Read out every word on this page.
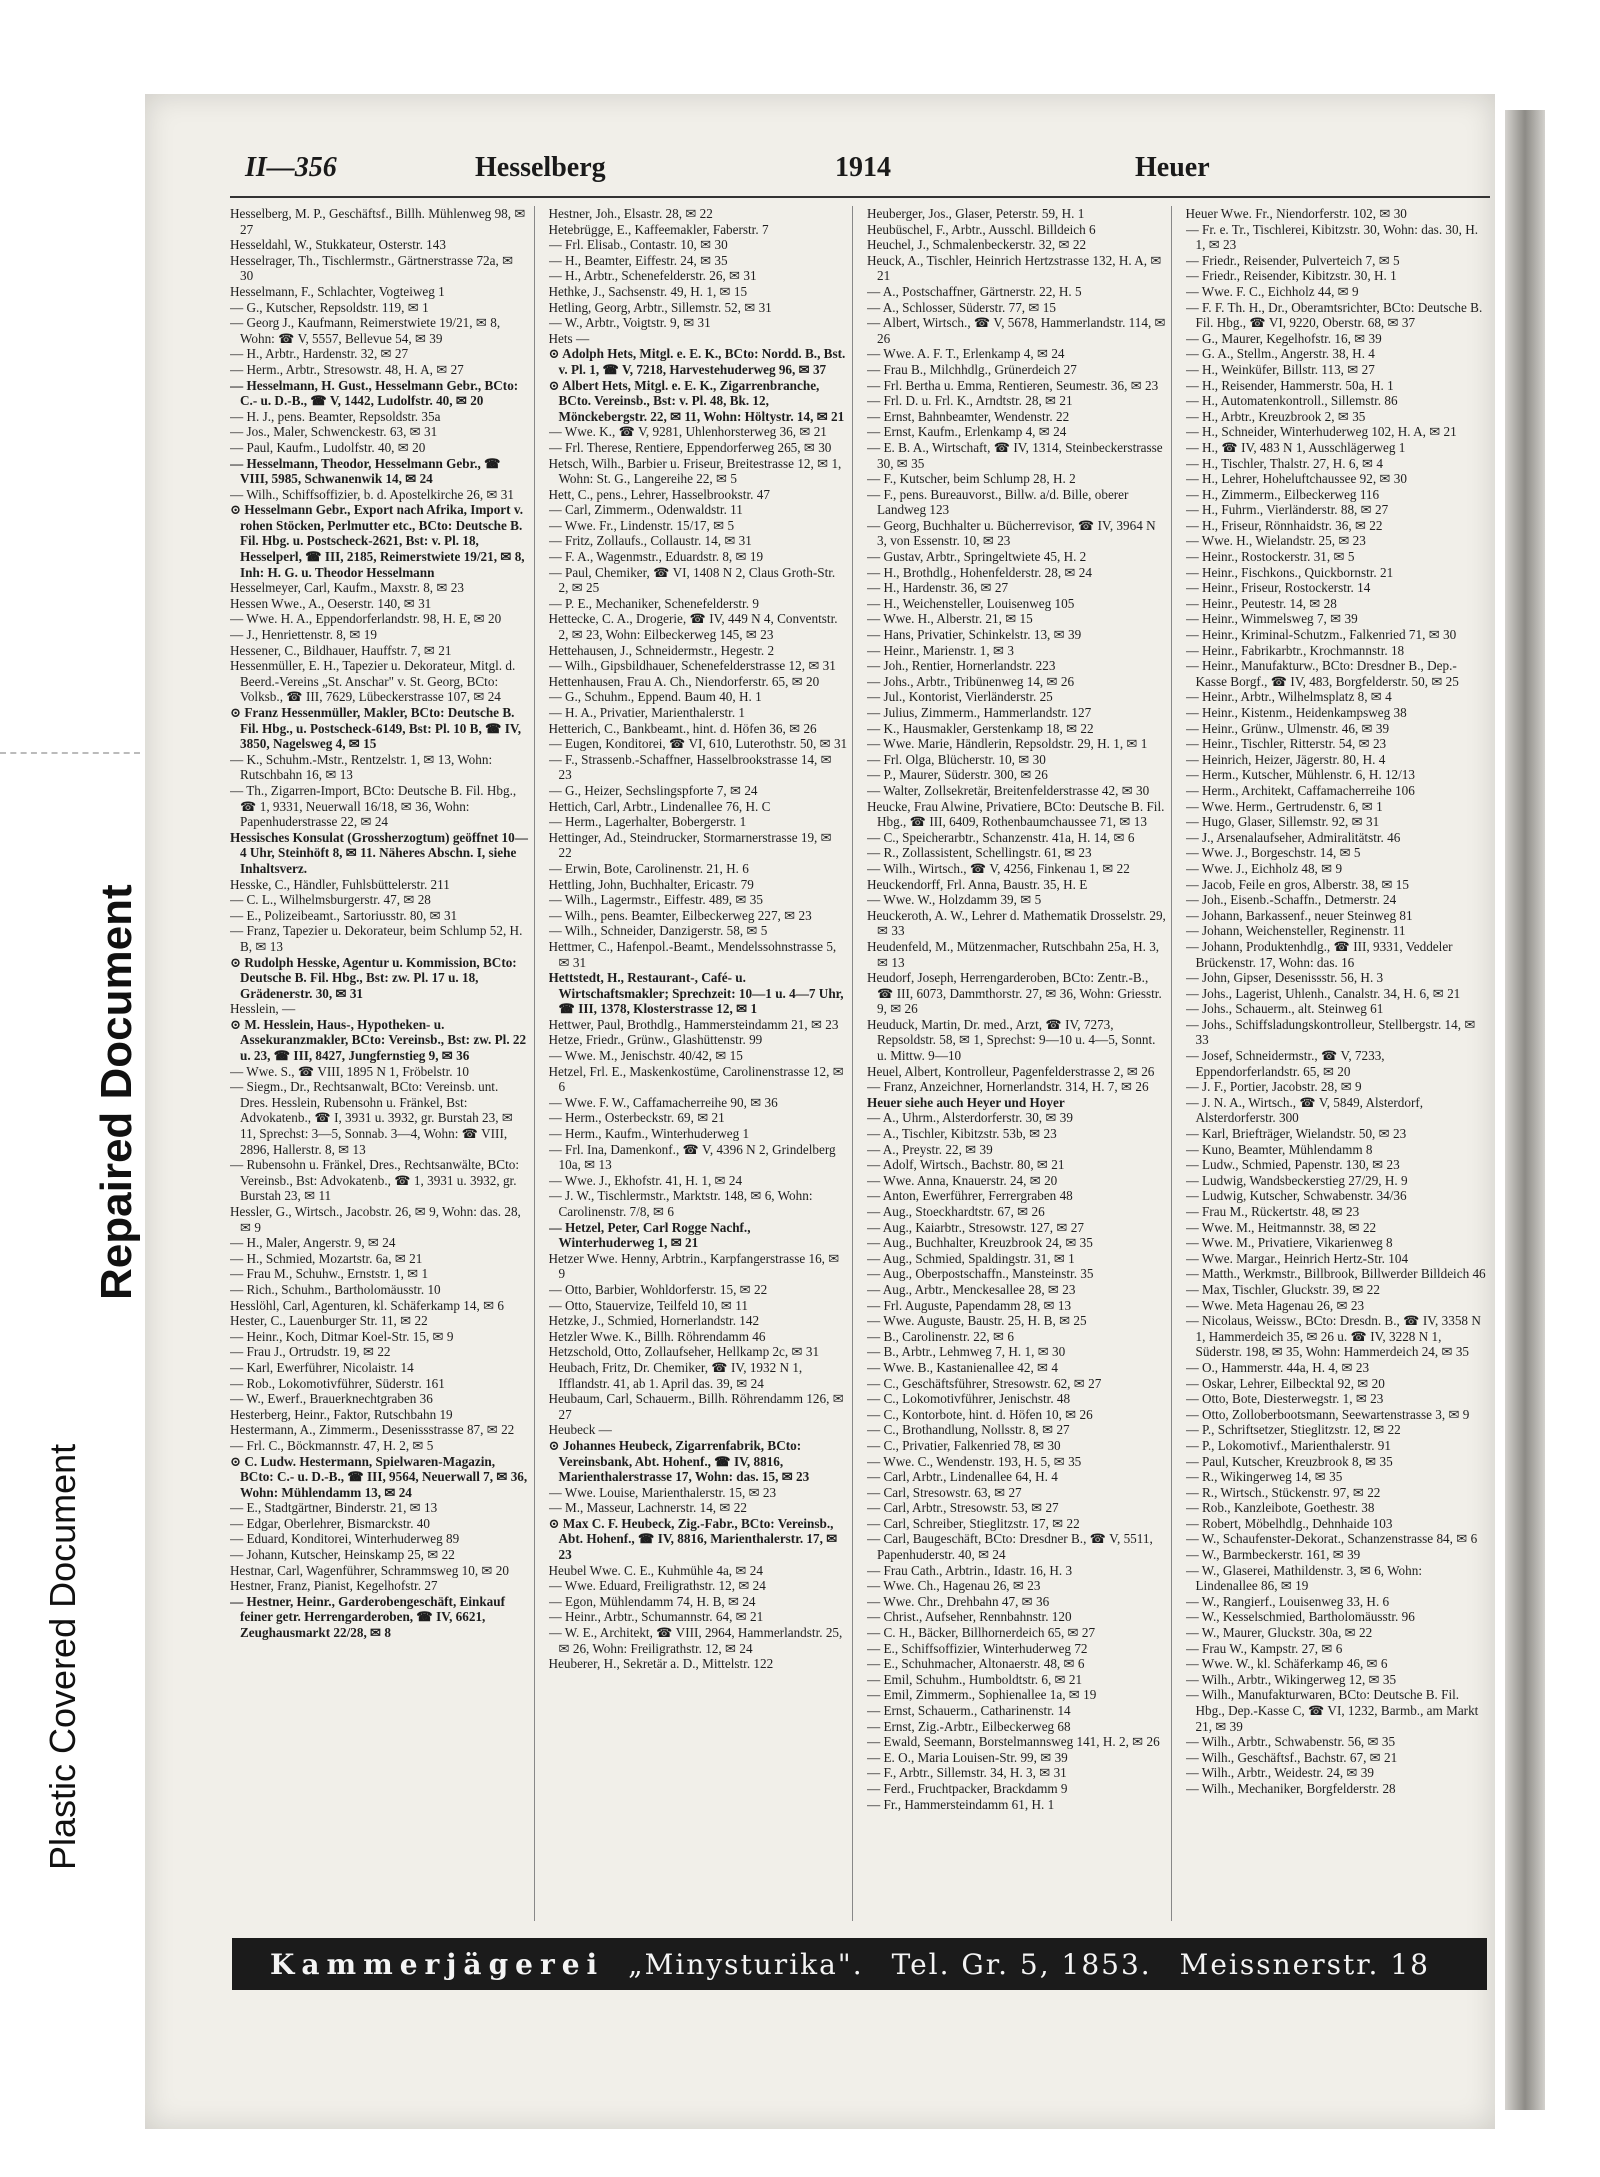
Repaired Document
Plastic Covered Document
II—356	Hesselberg	1914	Heuer

Hesselberg, M. P., Geschäftsf., Billh. Mühlenweg 98, ✉ 27

Hesseldahl, W., Stukkateur, Osterstr. 143

Hesselrager, Th., Tischlermstr., Gärtnerstrasse 72a, ✉ 30

Hesselmann, F., Schlachter, Vogteiweg 1

— G., Kutscher, Repsoldstr. 119, ✉ 1

— Georg J., Kaufmann, Reimerstwiete 19/21, ✉ 8, Wohn: ☎ V, 5557, Bellevue 54, ✉ 39

— H., Arbtr., Hardenstr. 32, ✉ 27

— Herm., Arbtr., Stresowstr. 48, H. A, ✉ 27

— Hesselmann, H. Gust., Hesselmann Gebr., BCto: C.- u. D.-B., ☎ V, 1442, Ludolfstr. 40, ✉ 20

— H. J., pens. Beamter, Repsoldstr. 35a

— Jos., Maler, Schwenckestr. 63, ✉ 31

— Paul, Kaufm., Ludolfstr. 40, ✉ 20

— Hesselmann, Theodor, Hesselmann Gebr., ☎ VIII, 5985, Schwanenwik 14, ✉ 24

— Wilh., Schiffsoffizier, b. d. Apostelkirche 26, ✉ 31

⊙ Hesselmann Gebr., Export nach Afrika, Import v. rohen Stöcken, Perlmutter etc., BCto: Deutsche B. Fil. Hbg. u. Postscheck-2621, Bst: v. Pl. 18, Hesselperl, ☎ III, 2185, Reimerstwiete 19/21, ✉ 8, Inh: H. G. u. Theodor Hesselmann

Hesselmeyer, Carl, Kaufm., Maxstr. 8, ✉ 23

Hessen Wwe., A., Oeserstr. 140, ✉ 31

— Wwe. H. A., Eppendorferlandstr. 98, H. E, ✉ 20

— J., Henriettenstr. 8, ✉ 19

Hessener, C., Bildhauer, Hauffstr. 7, ✉ 21

Hessenmüller, E. H., Tapezier u. Dekorateur, Mitgl. d. Beerd.-Vereins „St. Anschar" v. St. Georg, BCto: Volksb., ☎ III, 7629, Lübeckerstrasse 107, ✉ 24

⊙ Franz Hessenmüller, Makler, BCto: Deutsche B. Fil. Hbg., u. Postscheck-6149, Bst: Pl. 10 B, ☎ IV, 3850, Nagelsweg 4, ✉ 15

— K., Schuhm.-Mstr., Rentzelstr. 1, ✉ 13, Wohn: Rutschbahn 16, ✉ 13

— Th., Zigarren-Import, BCto: Deutsche B. Fil. Hbg., ☎ 1, 9331, Neuerwall 16/18, ✉ 36, Wohn: Papenhuderstrasse 22, ✉ 24

Hessisches Konsulat (Grossherzogtum) geöffnet 10—4 Uhr, Steinhöft 8, ✉ 11. Näheres Abschn. I, siehe Inhaltsverz.

Hesske, C., Händler, Fuhlsbüttelerstr. 211

— C. L., Wilhelmsburgerstr. 47, ✉ 28

— E., Polizeibeamt., Sartoriusstr. 80, ✉ 31

— Franz, Tapezier u. Dekorateur, beim Schlump 52, H. B, ✉ 13

⊙ Rudolph Hesske, Agentur u. Kommission, BCto: Deutsche B. Fil. Hbg., Bst: zw. Pl. 17 u. 18, Grädenerstr. 30, ✉ 31

Hesslein, —

⊙ M. Hesslein, Haus-, Hypotheken- u. Assekuranzmakler, BCto: Vereinsb., Bst: zw. Pl. 22 u. 23, ☎ III, 8427, Jungfernstieg 9, ✉ 36

— Wwe. S., ☎ VIII, 1895 N 1, Fröbelstr. 10

— Siegm., Dr., Rechtsanwalt, BCto: Vereinsb. unt. Dres. Hesslein, Rubensohn u. Fränkel, Bst: Advokatenb., ☎ I, 3931 u. 3932, gr. Burstah 23, ✉ 11, Sprechst: 3—5, Sonnab. 3—4, Wohn: ☎ VIII, 2896, Hallerstr. 8, ✉ 13

— Rubensohn u. Fränkel, Dres., Rechtsanwälte, BCto: Vereinsb., Bst: Advokatenb., ☎ 1, 3931 u. 3932, gr. Burstah 23, ✉ 11

Hessler, G., Wirtsch., Jacobstr. 26, ✉ 9, Wohn: das. 28, ✉ 9

— H., Maler, Angerstr. 9, ✉ 24

— H., Schmied, Mozartstr. 6a, ✉ 21

— Frau M., Schuhw., Ernststr. 1, ✉ 1

— Rich., Schuhm., Bartholomäusstr. 10

Hesslöhl, Carl, Agenturen, kl. Schäferkamp 14, ✉ 6

Hester, C., Lauenburger Str. 11, ✉ 22

— Heinr., Koch, Ditmar Koel-Str. 15, ✉ 9

— Frau J., Ortrudstr. 19, ✉ 22

— Karl, Ewerführer, Nicolaistr. 14

— Rob., Lokomotivführer, Süderstr. 161

— W., Ewerf., Brauerknechtgraben 36

Hesterberg, Heinr., Faktor, Rutschbahn 19

Hestermann, A., Zimmerm., Desenissstrasse 87, ✉ 22

— Frl. C., Böckmannstr. 47, H. 2, ✉ 5

⊙ C. Ludw. Hestermann, Spielwaren-Magazin, BCto: C.- u. D.-B., ☎ III, 9564, Neuerwall 7, ✉ 36, Wohn: Mühlendamm 13, ✉ 24

— E., Stadtgärtner, Binderstr. 21, ✉ 13

— Edgar, Oberlehrer, Bismarckstr. 40

— Eduard, Konditorei, Winterhuderweg 89

— Johann, Kutscher, Heinskamp 25, ✉ 22

Hestnar, Carl, Wagenführer, Schrammsweg 10, ✉ 20

Hestner, Franz, Pianist, Kegelhofstr. 27

— Hestner, Heinr., Garderobengeschäft, Einkauf feiner getr. Herrengarderoben, ☎ IV, 6621, Zeughausmarkt 22/28, ✉ 8

Hestner, Joh., Elsastr. 28, ✉ 22

Hetebrügge, E., Kaffeemakler, Faberstr. 7

— Frl. Elisab., Contastr. 10, ✉ 30

— H., Beamter, Eiffestr. 24, ✉ 35

— H., Arbtr., Schenefelderstr. 26, ✉ 31

Hethke, J., Sachsenstr. 49, H. 1, ✉ 15

Hetling, Georg, Arbtr., Sillemstr. 52, ✉ 31

— W., Arbtr., Voigtstr. 9, ✉ 31

Hets —

⊙ Adolph Hets, Mitgl. e. E. K., BCto: Nordd. B., Bst. v. Pl. 1, ☎ V, 7218, Harvestehuderweg 96, ✉ 37

⊙ Albert Hets, Mitgl. e. E. K., Zigarrenbranche, BCto. Vereinsb., Bst: v. Pl. 48, Bk. 12, Mönckebergstr. 22, ✉ 11, Wohn: Höltystr. 14, ✉ 21

— Wwe. K., ☎ V, 9281, Uhlenhorsterweg 36, ✉ 21

— Frl. Therese, Rentiere, Eppendorferweg 265, ✉ 30

Hetsch, Wilh., Barbier u. Friseur, Breitestrasse 12, ✉ 1, Wohn: St. G., Langereihe 22, ✉ 5

Hett, C., pens., Lehrer, Hasselbrookstr. 47

— Carl, Zimmerm., Odenwaldstr. 11

— Wwe. Fr., Lindenstr. 15/17, ✉ 5

— Fritz, Zollaufs., Collaustr. 14, ✉ 31

— F. A., Wagenmstr., Eduardstr. 8, ✉ 19

— Paul, Chemiker, ☎ VI, 1408 N 2, Claus Groth-Str. 2, ✉ 25

— P. E., Mechaniker, Schenefelderstr. 9

Hettecke, C. A., Drogerie, ☎ IV, 449 N 4, Conventstr. 2, ✉ 23, Wohn: Eilbeckerweg 145, ✉ 23

Hettehausen, J., Schneidermstr., Hegestr. 2

— Wilh., Gipsbildhauer, Schenefelderstrasse 12, ✉ 31

Hettenhausen, Frau A. Ch., Niendorferstr. 65, ✉ 20

— G., Schuhm., Eppend. Baum 40, H. 1

— H. A., Privatier, Marienthalerstr. 1

Hetterich, C., Bankbeamt., hint. d. Höfen 36, ✉ 26

— Eugen, Konditorei, ☎ VI, 610, Luterothstr. 50, ✉ 31

— F., Strassenb.-Schaffner, Hasselbrookstrasse 14, ✉ 23

— G., Heizer, Sechslingspforte 7, ✉ 24

Hettich, Carl, Arbtr., Lindenallee 76, H. C

— Herm., Lagerhalter, Bobergerstr. 1

Hettinger, Ad., Steindrucker, Stormarnerstrasse 19, ✉ 22

— Erwin, Bote, Carolinenstr. 21, H. 6

Hettling, John, Buchhalter, Ericastr. 79

— Wilh., Lagermstr., Eiffestr. 489, ✉ 35

— Wilh., pens. Beamter, Eilbeckerweg 227, ✉ 23

— Wilh., Schneider, Danzigerstr. 58, ✉ 5

Hettmer, C., Hafenpol.-Beamt., Mendelssohnstrasse 5, ✉ 31

Hettstedt, H., Restaurant-, Café- u. Wirtschaftsmakler; Sprechzeit: 10—1 u. 4—7 Uhr, ☎ III, 1378, Klosterstrasse 12, ✉ 1

Hettwer, Paul, Brothdlg., Hammersteindamm 21, ✉ 23

Hetze, Friedr., Grünw., Glashüttenstr. 99

— Wwe. M., Jenischstr. 40/42, ✉ 15

Hetzel, Frl. E., Maskenkostüme, Carolinenstrasse 12, ✉ 6

— Wwe. F. W., Caffamacherreihe 90, ✉ 36

— Herm., Osterbeckstr. 69, ✉ 21

— Herm., Kaufm., Winterhuderweg 1

— Frl. Ina, Damenkonf., ☎ V, 4396 N 2, Grindelberg 10a, ✉ 13

— Wwe. J., Ekhofstr. 41, H. 1, ✉ 24

— J. W., Tischlermstr., Marktstr. 148, ✉ 6, Wohn: Carolinenstr. 7/8, ✉ 6

— Hetzel, Peter, Carl Rogge Nachf., Winterhuderweg 1, ✉ 21

Hetzer Wwe. Henny, Arbtrin., Karpfangerstrasse 16, ✉ 9

— Otto, Barbier, Wohldorferstr. 15, ✉ 22

— Otto, Stauervize, Teilfeld 10, ✉ 11

Hetzke, J., Schmied, Hornerlandstr. 142

Hetzler Wwe. K., Billh. Röhrendamm 46

Hetzschold, Otto, Zollaufseher, Hellkamp 2c, ✉ 31

Heubach, Fritz, Dr. Chemiker, ☎ IV, 1932 N 1, Ifflandstr. 41, ab 1. April das. 39, ✉ 24

Heubaum, Carl, Schauerm., Billh. Röhrendamm 126, ✉ 27

Heubeck —

⊙ Johannes Heubeck, Zigarrenfabrik, BCto: Vereinsbank, Abt. Hohenf., ☎ IV, 8816, Marienthalerstrasse 17, Wohn: das. 15, ✉ 23

— Wwe. Louise, Marienthalerstr. 15, ✉ 23

— M., Masseur, Lachnerstr. 14, ✉ 22

⊙ Max C. F. Heubeck, Zig.-Fabr., BCto: Vereinsb., Abt. Hohenf., ☎ IV, 8816, Marienthalerstr. 17, ✉ 23

Heubel Wwe. C. E., Kuhmühle 4a, ✉ 24

— Wwe. Eduard, Freiligrathstr. 12, ✉ 24

— Egon, Mühlendamm 74, H. B, ✉ 24

— Heinr., Arbtr., Schumannstr. 64, ✉ 21

— W. E., Architekt, ☎ VIII, 2964, Hammerlandstr. 25, ✉ 26, Wohn: Freiligrathstr. 12, ✉ 24

Heuberer, H., Sekretär a. D., Mittelstr. 122

Heuberger, Jos., Glaser, Peterstr. 59, H. 1

Heubüschel, F., Arbtr., Ausschl. Billdeich 6

Heuchel, J., Schmalenbeckerstr. 32, ✉ 22

Heuck, A., Tischler, Heinrich Hertzstrasse 132, H. A, ✉ 21

— A., Postschaffner, Gärtnerstr. 22, H. 5

— A., Schlosser, Süderstr. 77, ✉ 15

— Albert, Wirtsch., ☎ V, 5678, Hammerlandstr. 114, ✉ 26

— Wwe. A. F. T., Erlenkamp 4, ✉ 24

— Frau B., Milchhdlg., Grünerdeich 27

— Frl. Bertha u. Emma, Rentieren, Seumestr. 36, ✉ 23

— Frl. D. u. Frl. K., Arndtstr. 28, ✉ 21

— Ernst, Bahnbeamter, Wendenstr. 22

— Ernst, Kaufm., Erlenkamp 4, ✉ 24

— E. B. A., Wirtschaft, ☎ IV, 1314, Steinbeckerstrasse 30, ✉ 35

— F., Kutscher, beim Schlump 28, H. 2

— F., pens. Bureauvorst., Billw. a/d. Bille, oberer Landweg 123

— Georg, Buchhalter u. Bücherrevisor, ☎ IV, 3964 N 3, von Essenstr. 10, ✉ 23

— Gustav, Arbtr., Springeltwiete 45, H. 2

— H., Brothdlg., Hohenfelderstr. 28, ✉ 24

— H., Hardenstr. 36, ✉ 27

— H., Weichensteller, Louisenweg 105

— Wwe. H., Alberstr. 21, ✉ 15

— Hans, Privatier, Schinkelstr. 13, ✉ 39

— Heinr., Marienstr. 1, ✉ 3

— Joh., Rentier, Hornerlandstr. 223

— Johs., Arbtr., Tribünenweg 14, ✉ 26

— Jul., Kontorist, Vierländerstr. 25

— Julius, Zimmerm., Hammerlandstr. 127

— K., Hausmakler, Gerstenkamp 18, ✉ 22

— Wwe. Marie, Händlerin, Repsoldstr. 29, H. 1, ✉ 1

— Frl. Olga, Blücherstr. 10, ✉ 30

— P., Maurer, Süderstr. 300, ✉ 26

— Walter, Zollsekretär, Breitenfelderstrasse 42, ✉ 30

Heucke, Frau Alwine, Privatiere, BCto: Deutsche B. Fil. Hbg., ☎ III, 6409, Rothenbaumchaussee 71, ✉ 13

— C., Speicherarbtr., Schanzenstr. 41a, H. 14, ✉ 6

— R., Zollassistent, Schellingstr. 61, ✉ 23

— Wilh., Wirtsch., ☎ V, 4256, Finkenau 1, ✉ 22

Heuckendorff, Frl. Anna, Baustr. 35, H. E

— Wwe. W., Holzdamm 39, ✉ 5

Heuckeroth, A. W., Lehrer d. Mathematik Drosselstr. 29, ✉ 33

Heudenfeld, M., Mützenmacher, Rutschbahn 25a, H. 3, ✉ 13

Heudorf, Joseph, Herrengarderoben, BCto: Zentr.-B., ☎ III, 6073, Dammthorstr. 27, ✉ 36, Wohn: Griesstr. 9, ✉ 26

Heuduck, Martin, Dr. med., Arzt, ☎ IV, 7273, Repsoldstr. 58, ✉ 1, Sprechst: 9—10 u. 4—5, Sonnt. u. Mittw. 9—10

Heuel, Albert, Kontrolleur, Pagenfelderstrasse 2, ✉ 26

— Franz, Anzeichner, Hornerlandstr. 314, H. 7, ✉ 26

Heuer siehe auch Heyer und Hoyer

— A., Uhrm., Alsterdorferstr. 30, ✉ 39

— A., Tischler, Kibitzstr. 53b, ✉ 23

— A., Preystr. 22, ✉ 39

— Adolf, Wirtsch., Bachstr. 80, ✉ 21

— Wwe. Anna, Knauerstr. 24, ✉ 20

— Anton, Ewerführer, Ferrergraben 48

— Aug., Stoeckhardtstr. 67, ✉ 26

— Aug., Kaiarbtr., Stresowstr. 127, ✉ 27

— Aug., Buchhalter, Kreuzbrook 24, ✉ 35

— Aug., Schmied, Spaldingstr. 31, ✉ 1

— Aug., Oberpostschaffn., Mansteinstr. 35

— Aug., Arbtr., Menckesallee 28, ✉ 23

— Frl. Auguste, Papendamm 28, ✉ 13

— Wwe. Auguste, Baustr. 25, H. B, ✉ 25

— B., Carolinenstr. 22, ✉ 6

— B., Arbtr., Lehmweg 7, H. 1, ✉ 30

— Wwe. B., Kastanienallee 42, ✉ 4

— C., Geschäftsführer, Stresowstr. 62, ✉ 27

— C., Lokomotivführer, Jenischstr. 48

— C., Kontorbote, hint. d. Höfen 10, ✉ 26

— C., Brothandlung, Nollsstr. 8, ✉ 27

— C., Privatier, Falkenried 78, ✉ 30

— Wwe. C., Wendenstr. 193, H. 5, ✉ 35

— Carl, Arbtr., Lindenallee 64, H. 4

— Carl, Stresowstr. 63, ✉ 27

— Carl, Arbtr., Stresowstr. 53, ✉ 27

— Carl, Schreiber, Stieglitzstr. 17, ✉ 22

— Carl, Baugeschäft, BCto: Dresdner B., ☎ V, 5511, Papenhuderstr. 40, ✉ 24

— Frau Cath., Arbtrin., Idastr. 16, H. 3

— Wwe. Ch., Hagenau 26, ✉ 23

— Wwe. Chr., Drehbahn 47, ✉ 36

— Christ., Aufseher, Rennbahnstr. 120

— C. H., Bäcker, Billhornerdeich 65, ✉ 27

— E., Schiffsoffizier, Winterhuderweg 72

— E., Schuhmacher, Altonaerstr. 48, ✉ 6

— Emil, Schuhm., Humboldtstr. 6, ✉ 21

— Emil, Zimmerm., Sophienallee 1a, ✉ 19

— Ernst, Schauerm., Catharinenstr. 14

— Ernst, Zig.-Arbtr., Eilbeckerweg 68

— Ewald, Seemann, Borstelmannsweg 141, H. 2, ✉ 26

— E. O., Maria Louisen-Str. 99, ✉ 39

— F., Arbtr., Sillemstr. 34, H. 3, ✉ 31

— Ferd., Fruchtpacker, Brackdamm 9

— Fr., Hammersteindamm 61, H. 1

Heuer Wwe. Fr., Niendorferstr. 102, ✉ 30

— Fr. e. Tr., Tischlerei, Kibitzstr. 30, Wohn: das. 30, H. 1, ✉ 23

— Friedr., Reisender, Pulverteich 7, ✉ 5

— Friedr., Reisender, Kibitzstr. 30, H. 1

— Wwe. F. C., Eichholz 44, ✉ 9

— F. F. Th. H., Dr., Oberamtsrichter, BCto: Deutsche B. Fil. Hbg., ☎ VI, 9220, Oberstr. 68, ✉ 37

— G., Maurer, Kegelhofstr. 16, ✉ 39

— G. A., Stellm., Angerstr. 38, H. 4

— H., Weinküfer, Billstr. 113, ✉ 27

— H., Reisender, Hammerstr. 50a, H. 1

— H., Automatenkontroll., Sillemstr. 86

— H., Arbtr., Kreuzbrook 2, ✉ 35

— H., Schneider, Winterhuderweg 102, H. A, ✉ 21

— H., ☎ IV, 483 N 1, Ausschlägerweg 1

— H., Tischler, Thalstr. 27, H. 6, ✉ 4

— H., Lehrer, Hoheluftchaussee 92, ✉ 30

— H., Zimmerm., Eilbeckerweg 116

— H., Fuhrm., Vierländerstr. 88, ✉ 27

— H., Friseur, Rönnhaidstr. 36, ✉ 22

— Wwe. H., Wielandstr. 25, ✉ 23

— Heinr., Rostockerstr. 31, ✉ 5

— Heinr., Fischkons., Quickbornstr. 21

— Heinr., Friseur, Rostockerstr. 14

— Heinr., Peutestr. 14, ✉ 28

— Heinr., Wimmelsweg 7, ✉ 39

— Heinr., Kriminal-Schutzm., Falkenried 71, ✉ 30

— Heinr., Fabrikarbtr., Krochmannstr. 18

— Heinr., Manufakturw., BCto: Dresdner B., Dep.-Kasse Borgf., ☎ IV, 483, Borgfelderstr. 50, ✉ 25

— Heinr., Arbtr., Wilhelmsplatz 8, ✉ 4

— Heinr., Kistenm., Heidenkampsweg 38

— Heinr., Grünw., Ulmenstr. 46, ✉ 39

— Heinr., Tischler, Ritterstr. 54, ✉ 23

— Heinrich, Heizer, Jägerstr. 80, H. 4

— Herm., Kutscher, Mühlenstr. 6, H. 12/13

— Herm., Architekt, Caffamacherreihe 106

— Wwe. Herm., Gertrudenstr. 6, ✉ 1

— Hugo, Glaser, Sillemstr. 92, ✉ 31

— J., Arsenalaufseher, Admiralitätstr. 46

— Wwe. J., Borgeschstr. 14, ✉ 5

— Wwe. J., Eichholz 48, ✉ 9

— Jacob, Feile en gros, Alberstr. 38, ✉ 15

— Joh., Eisenb.-Schaffn., Detmerstr. 24

— Johann, Barkassenf., neuer Steinweg 81

— Johann, Weichensteller, Reginenstr. 11

— Johann, Produktenhdlg., ☎ III, 9331, Veddeler Brückenstr. 17, Wohn: das. 16

— John, Gipser, Desenissstr. 56, H. 3

— Johs., Lagerist, Uhlenh., Canalstr. 34, H. 6, ✉ 21

— Johs., Schauerm., alt. Steinweg 61

— Johs., Schiffsladungskontrolleur, Stellbergstr. 14, ✉ 33

— Josef, Schneidermstr., ☎ V, 7233, Eppendorferlandstr. 65, ✉ 20

— J. F., Portier, Jacobstr. 28, ✉ 9

— J. N. A., Wirtsch., ☎ V, 5849, Alsterdorf, Alsterdorferstr. 300

— Karl, Briefträger, Wielandstr. 50, ✉ 23

— Kuno, Beamter, Mühlendamm 8

— Ludw., Schmied, Papenstr. 130, ✉ 23

— Ludwig, Wandsbeckerstieg 27/29, H. 9

— Ludwig, Kutscher, Schwabenstr. 34/36

— Frau M., Rückertstr. 48, ✉ 23

— Wwe. M., Heitmannstr. 38, ✉ 22

— Wwe. M., Privatiere, Vikarienweg 8

— Wwe. Margar., Heinrich Hertz-Str. 104

— Matth., Werkmstr., Billbrook, Billwerder Billdeich 46

— Max, Tischler, Gluckstr. 39, ✉ 22

— Wwe. Meta Hagenau 26, ✉ 23

— Nicolaus, Weissw., BCto: Dresdn. B., ☎ IV, 3358 N 1, Hammerdeich 35, ✉ 26 u. ☎ IV, 3228 N 1, Süderstr. 198, ✉ 35, Wohn: Hammerdeich 24, ✉ 35

— O., Hammerstr. 44a, H. 4, ✉ 23

— Oskar, Lehrer, Eilbecktal 92, ✉ 20

— Otto, Bote, Diesterwegstr. 1, ✉ 23

— Otto, Zolloberbootsmann, Seewartenstrasse 3, ✉ 9

— P., Schriftsetzer, Stieglitzstr. 12, ✉ 22

— P., Lokomotivf., Marienthalerstr. 91

— Paul, Kutscher, Kreuzbrook 8, ✉ 35

— R., Wikingerweg 14, ✉ 35

— R., Wirtsch., Stückenstr. 97, ✉ 22

— Rob., Kanzleibote, Goethestr. 38

— Robert, Möbelhdlg., Dehnhaide 103

— W., Schaufenster-Dekorat., Schanzenstrasse 84, ✉ 6

— W., Barmbeckerstr. 161, ✉ 39

— W., Glaserei, Mathildenstr. 3, ✉ 6, Wohn: Lindenallee 86, ✉ 19

— W., Rangierf., Louisenweg 33, H. 6

— W., Kesselschmied, Bartholomäusstr. 96

— W., Maurer, Gluckstr. 30a, ✉ 22

— Frau W., Kampstr. 27, ✉ 6

— Wwe. W., kl. Schäferkamp 46, ✉ 6

— Wilh., Arbtr., Wikingerweg 12, ✉ 35

— Wilh., Manufakturwaren, BCto: Deutsche B. Fil. Hbg., Dep.-Kasse C, ☎ VI, 1232, Barmb., am Markt 21, ✉ 39

— Wilh., Arbtr., Schwabenstr. 56, ✉ 35

— Wilh., Geschäftsf., Bachstr. 67, ✉ 21

— Wilh., Arbtr., Weidestr. 24, ✉ 39

— Wilh., Mechaniker, Borgfelderstr. 28

Kammerjägerei „Minysturika". Tel. Gr. 5, 1853. Meissnerstr. 18
